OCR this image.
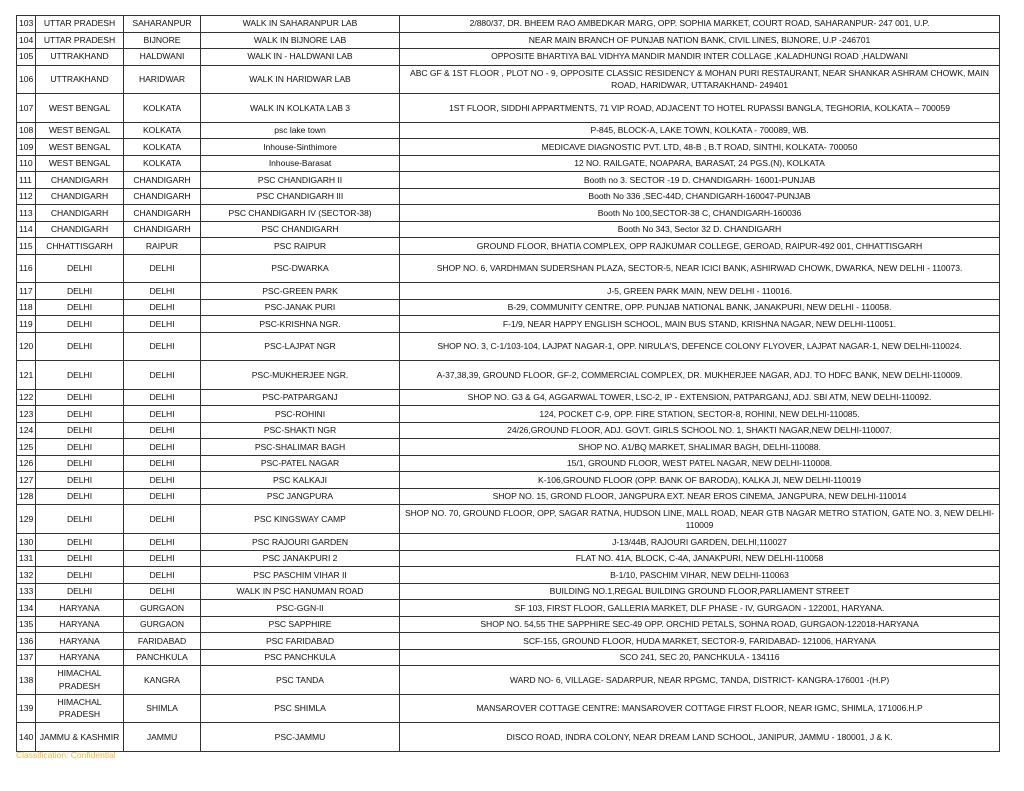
103	UTTAR PRADESH	SAHARANPUR	WALK IN SAHARANPUR LAB	2/880/37, DR. BHEEM RAO AMBEDKAR MARG, OPP. SOPHIA MARKET, COURT ROAD, SAHARANPUR- 247 001, U.P.
104	UTTAR PRADESH	BIJNORE	WALK IN BIJNORE LAB	NEAR MAIN BRANCH OF PUNJAB NATION BANK, CIVIL LINES, BIJNORE, U.P -246701
105	UTTRAKHAND	HALDWANI	WALK IN - HALDWANI LAB	OPPOSITE BHARTIYA BAL VIDHYA MANDIR MANDIR INTER COLLAGE ,KALADHUNGI ROAD ,HALDWANI
106	UTTRAKHAND	HARIDWAR	WALK IN HARIDWAR LAB	ABC GF & 1ST FLOOR , PLOT NO - 9, OPPOSITE CLASSIC RESIDENCY & MOHAN PURI RESTAURANT, NEAR SHANKAR ASHRAM CHOWK, MAIN ROAD, HARIDWAR, UTTARAKHAND- 249401
107	WEST BENGAL	KOLKATA	WALK IN KOLKATA LAB 3	1ST FLOOR, SIDDHI APPARTMENTS, 71 VIP ROAD, ADJACENT TO HOTEL RUPASSI BANGLA, TEGHORIA, KOLKATA – 700059
108	WEST BENGAL	KOLKATA	psc lake town	P-845, BLOCK-A, LAKE TOWN, KOLKATA - 700089, WB.
109	WEST BENGAL	KOLKATA	Inhouse-Sinthimore	MEDICAVE DIAGNOSTIC PVT. LTD, 48-B , B.T ROAD, SINTHI, KOLKATA- 700050
110	WEST BENGAL	KOLKATA	Inhouse-Barasat	12 NO. RAILGATE, NOAPARA, BARASAT, 24 PGS.(N), KOLKATA
111	CHANDIGARH	CHANDIGARH	PSC CHANDIGARH II	Booth no 3. SECTOR -19 D. CHANDIGARH- 16001-PUNJAB
112	CHANDIGARH	CHANDIGARH	PSC CHANDIGARH III	Booth No 336 ,SEC-44D, CHANDIGARH-160047-PUNJAB
113	CHANDIGARH	CHANDIGARH	PSC CHANDIGARH IV (SECTOR-38)	Booth No 100,SECTOR-38 C, CHANDIGARH-160036
114	CHANDIGARH	CHANDIGARH	PSC CHANDIGARH	Booth No 343, Sector 32 D. CHANDIGARH
115	CHHATTISGARH	RAIPUR	PSC RAIPUR	GROUND FLOOR, BHATIA COMPLEX, OPP RAJKUMAR COLLEGE, GEROAD, RAIPUR-492 001, CHHATTISGARH
116	DELHI	DELHI	PSC-DWARKA	SHOP NO. 6, VARDHMAN SUDERSHAN PLAZA, SECTOR-5, NEAR ICICI BANK, ASHIRWAD CHOWK, DWARKA, NEW DELHI - 110073.
117	DELHI	DELHI	PSC-GREEN PARK	J-5, GREEN PARK MAIN, NEW DELHI - 110016.
118	DELHI	DELHI	PSC-JANAK PURI	B-29, COMMUNITY CENTRE, OPP. PUNJAB NATIONAL BANK, JANAKPURI, NEW DELHI - 110058.
119	DELHI	DELHI	PSC-KRISHNA NGR.	F-1/9, NEAR HAPPY ENGLISH SCHOOL, MAIN BUS STAND, KRISHNA NAGAR, NEW DELHI-110051.
120	DELHI	DELHI	PSC-LAJPAT NGR	SHOP NO. 3, C-1/103-104, LAJPAT NAGAR-1, OPP. NIRULA'S, DEFENCE COLONY FLYOVER, LAJPAT NAGAR-1, NEW DELHI-110024.
121	DELHI	DELHI	PSC-MUKHERJEE NGR.	A-37,38,39, GROUND FLOOR, GF-2, COMMERCIAL COMPLEX, DR. MUKHERJEE NAGAR, ADJ. TO HDFC BANK, NEW DELHI-110009.
122	DELHI	DELHI	PSC-PATPARGANJ	SHOP NO. G3 & G4, AGGARWAL TOWER, LSC-2, IP - EXTENSION, PATPARGANJ, ADJ. SBI ATM, NEW DELHI-110092.
123	DELHI	DELHI	PSC-ROHINI	124, POCKET C-9, OPP. FIRE STATION, SECTOR-8, ROHINI, NEW DELHI-110085.
124	DELHI	DELHI	PSC-SHAKTI NGR	24/26,GROUND FLOOR, ADJ. GOVT. GIRLS SCHOOL NO. 1, SHAKTI NAGAR,NEW DELHI-110007.
125	DELHI	DELHI	PSC-SHALIMAR BAGH	SHOP NO. A1/BQ MARKET, SHALIMAR BAGH, DELHI-110088.
126	DELHI	DELHI	PSC-PATEL NAGAR	15/1, GROUND FLOOR, WEST PATEL NAGAR, NEW DELHI-110008.
127	DELHI	DELHI	PSC KALKAJI	K-106,GROUND FLOOR (OPP. BANK OF BARODA), KALKA JI, NEW DELHI-110019
128	DELHI	DELHI	PSC JANGPURA	SHOP NO. 15, GROND FLOOR, JANGPURA EXT. NEAR EROS CINEMA, JANGPURA, NEW DELHI-110014
129	DELHI	DELHI	PSC KINGSWAY CAMP	SHOP NO. 70, GROUND FLOOR, OPP, SAGAR RATNA, HUDSON LINE, MALL ROAD, NEAR GTB NAGAR METRO STATION, GATE NO. 3, NEW DELHI-110009
130	DELHI	DELHI	PSC RAJOURI GARDEN	J-13/44B, RAJOURI GARDEN, DELHI,110027
131	DELHI	DELHI	PSC JANAKPURI 2	FLAT NO. 41A, BLOCK, C-4A, JANAKPURI, NEW DELHI-110058
132	DELHI	DELHI	PSC PASCHIM VIHAR II	B-1/10, PASCHIM VIHAR, NEW DELHI-110063
133	DELHI	DELHI	WALK IN PSC HANUMAN ROAD	BUILDING NO.1,REGAL BUILDING GROUND FLOOR,PARLIAMENT STREET
134	HARYANA	GURGAON	PSC-GGN-II	SF 103, FIRST FLOOR, GALLERIA MARKET, DLF PHASE - IV, GURGAON - 122001, HARYANA.
135	HARYANA	GURGAON	PSC SAPPHIRE	SHOP NO. 54,55 THE SAPPHIRE SEC-49 OPP. ORCHID PETALS, SOHNA ROAD, GURGAON-122018-HARYANA
136	HARYANA	FARIDABAD	PSC FARIDABAD	SCF-155, GROUND FLOOR, HUDA MARKET, SECTOR-9, FARIDABAD- 121006, HARYANA
137	HARYANA	PANCHKULA	PSC PANCHKULA	SCO 241, SEC 20, PANCHKULA - 134116
138	HIMACHAL PRADESH	KANGRA	PSC TANDA	WARD NO- 6, VILLAGE- SADARPUR, NEAR RPGMC, TANDA, DISTRICT- KANGRA-176001 -(H.P)
139	HIMACHAL PRADESH	SHIMLA	PSC SHIMLA	MANSAROVER COTTAGE CENTRE: MANSAROVER COTTAGE FIRST FLOOR, NEAR IGMC, SHIMLA, 171006.H.P
140	JAMMU & KASHMIR	JAMMU	PSC-JAMMU	DISCO ROAD, INDRA COLONY, NEAR DREAM LAND SCHOOL, JANIPUR, JAMMU - 180001, J & K.
Classification: Confidential
